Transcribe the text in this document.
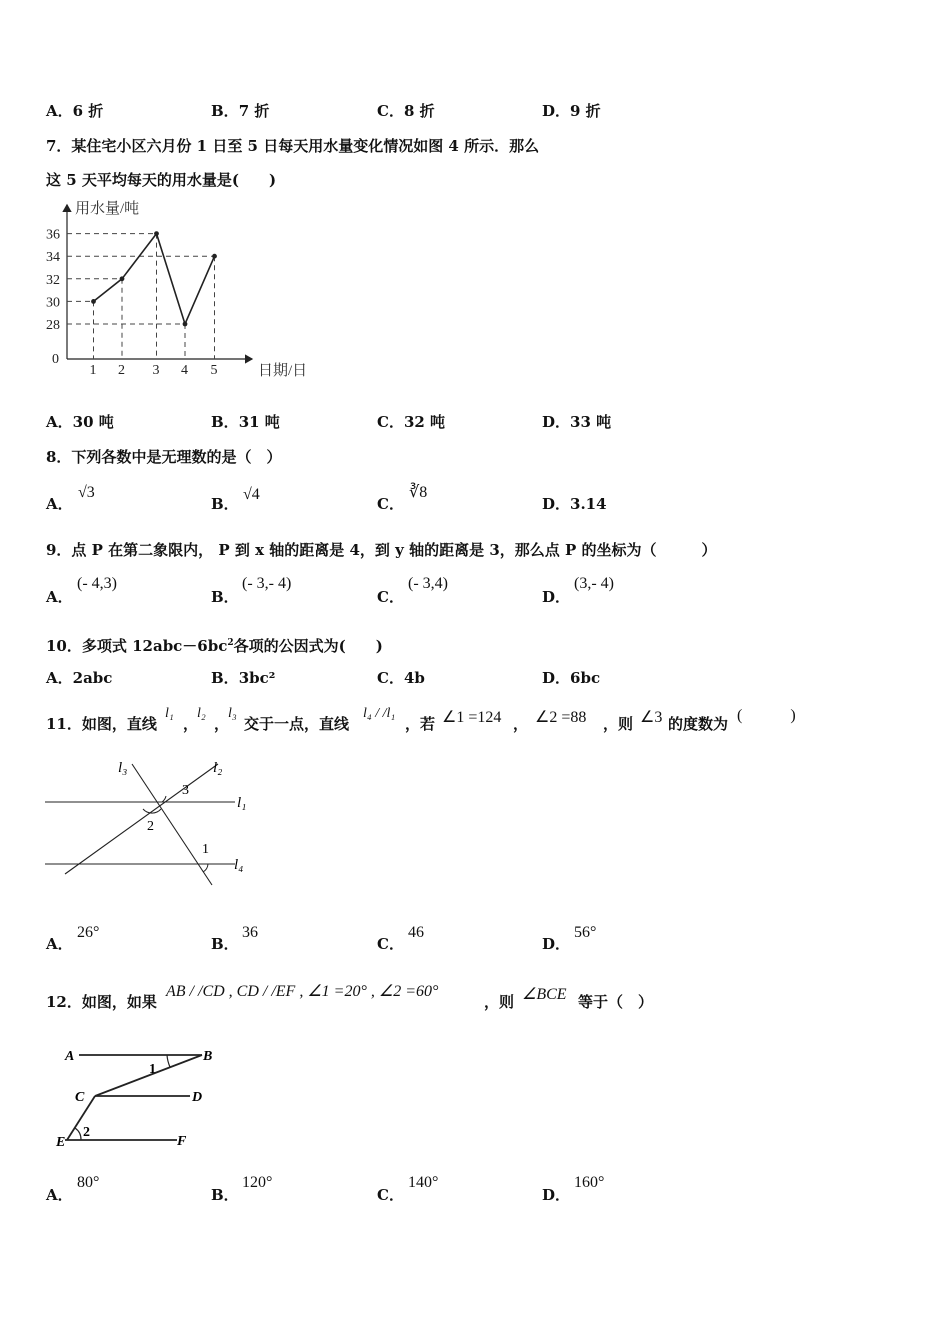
A．6 折	B．7 折	C．8 折	D．9 折
7．某住宅小区六月份 1 日至 5 日每天用水量变化情况如图 4 所示．那么
这 5 天平均每天的用水量是(　　)
用水量/吨
日期/日
0
28
30
32
34
36
1 2 3 4 5
A．30 吨	B．31 吨	C．32 吨	D．33 吨
8．下列各数中是无理数的是（　）
A．
√3
B．
√4
C．
∛8
D．3.14
9．点 P 在第二象限内， P 到 x 轴的距离是 4，到 y 轴的距离是 3，那么点 P 的坐标为（　　　）
A．
(- 4,3)
B．
(- 3,- 4)
C．
(- 3,4)
D．
(3,- 4)
10．多项式 $12abc-6bc^2$各项的公因式为(　　)
A．2abc	B．3bc²	C．4b	D．6bc
11．如图，直线
l₁
，
l₂
，
l₃
交于一点，直线
l₄ / /l₁
，若 ∠1 =124 ， ∠2 =88 ，则 ∠3 的度数为 (　　　)
l₃	l₂
l₁
l₄
3
2
1
A．
26°
B．
36
C．
46
D．
56°
12．如图，如果
AB / /CD , CD / /EF , ∠1 =20° , ∠2 =60°
，则 ∠BCE 等于（　）
A	B
C	D
E	F
1
2
A．
80°
B．
120°
C．
140°
D．
160°
